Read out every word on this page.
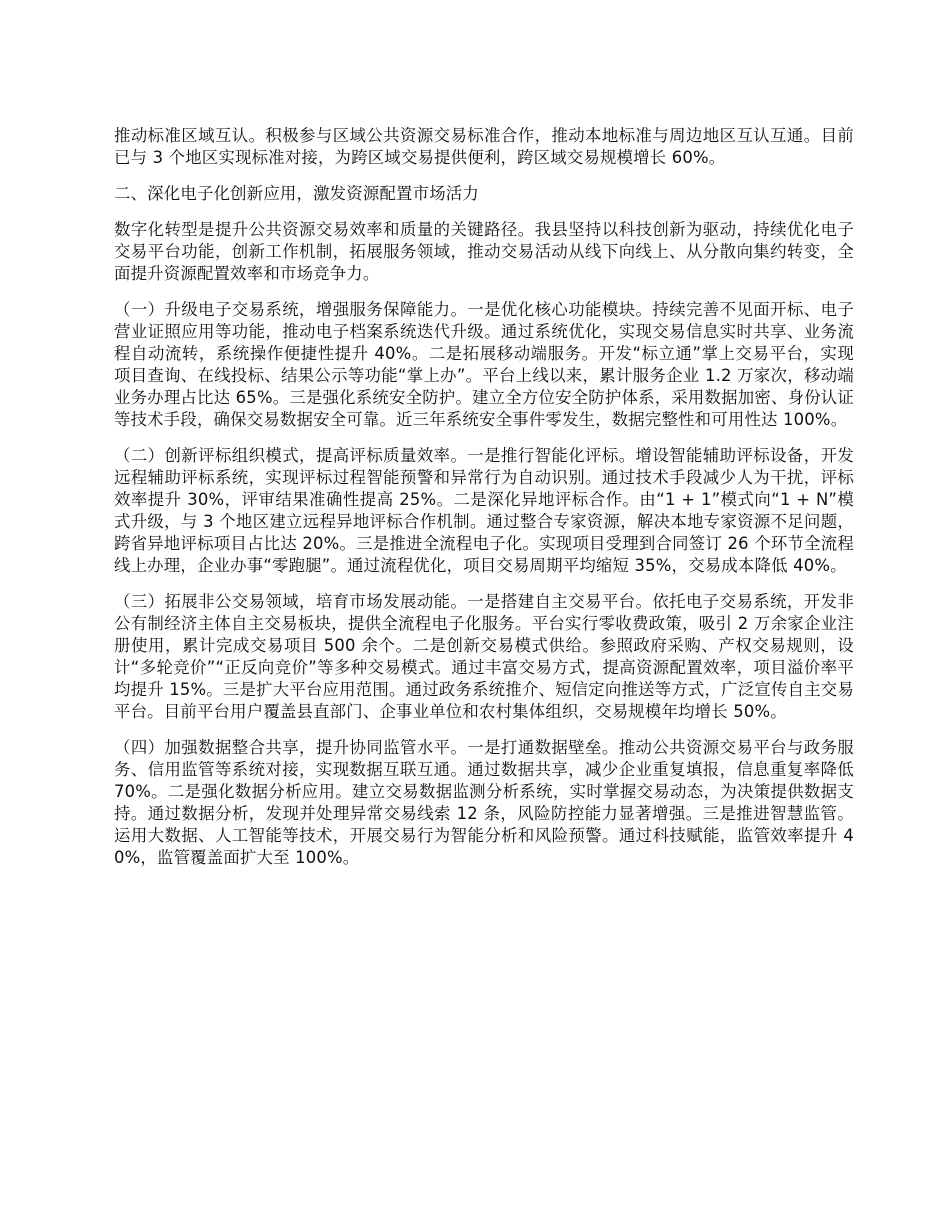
推动标准区域互认。积极参与区域公共资源交易标准合作，推动本地标准与周边地区互认互通。目前已与 3 个地区实现标准对接，为跨区域交易提供便利，跨区域交易规模增长 60%。

二、深化电子化创新应用，激发资源配置市场活力

数字化转型是提升公共资源交易效率和质量的关键路径。我县坚持以科技创新为驱动，持续优化电子交易平台功能，创新工作机制，拓展服务领域，推动交易活动从线下向线上、从分散向集约转变，全面提升资源配置效率和市场竞争力。

（一）升级电子交易系统，增强服务保障能力。一是优化核心功能模块。持续完善不见面开标、电子营业证照应用等功能，推动电子档案系统迭代升级。通过系统优化，实现交易信息实时共享、业务流程自动流转，系统操作便捷性提升 40%。二是拓展移动端服务。开发“标立通”掌上交易平台，实现项目查询、在线投标、结果公示等功能“掌上办”。平台上线以来，累计服务企业 1.2 万家次，移动端业务办理占比达 65%。三是强化系统安全防护。建立全方位安全防护体系，采用数据加密、身份认证等技术手段，确保交易数据安全可靠。近三年系统安全事件零发生，数据完整性和可用性达 100%。

（二）创新评标组织模式，提高评标质量效率。一是推行智能化评标。增设智能辅助评标设备，开发远程辅助评标系统，实现评标过程智能预警和异常行为自动识别。通过技术手段减少人为干扰，评标效率提升 30%，评审结果准确性提高 25%。二是深化异地评标合作。由“1 + 1”模式向“1 + N”模式升级，与 3 个地区建立远程异地评标合作机制。通过整合专家资源，解决本地专家资源不足问题，跨省异地评标项目占比达 20%。三是推进全流程电子化。实现项目受理到合同签订 26 个环节全流程线上办理，企业办事“零跑腿”。通过流程优化，项目交易周期平均缩短 35%，交易成本降低 40%。

（三）拓展非公交易领域，培育市场发展动能。一是搭建自主交易平台。依托电子交易系统，开发非公有制经济主体自主交易板块，提供全流程电子化服务。平台实行零收费政策，吸引 2 万余家企业注册使用，累计完成交易项目 500 余个。二是创新交易模式供给。参照政府采购、产权交易规则，设计“多轮竞价”“正反向竞价”等多种交易模式。通过丰富交易方式，提高资源配置效率，项目溢价率平均提升 15%。三是扩大平台应用范围。通过政务系统推介、短信定向推送等方式，广泛宣传自主交易平台。目前平台用户覆盖县直部门、企事业单位和农村集体组织，交易规模年均增长 50%。

（四）加强数据整合共享，提升协同监管水平。一是打通数据壁垒。推动公共资源交易平台与政务服务、信用监管等系统对接，实现数据互联互通。通过数据共享，减少企业重复填报，信息重复率降低 70%。二是强化数据分析应用。建立交易数据监测分析系统，实时掌握交易动态，为决策提供数据支持。通过数据分析，发现并处理异常交易线索 12 条，风险防控能力显著增强。三是推进智慧监管。运用大数据、人工智能等技术，开展交易行为智能分析和风险预警。通过科技赋能，监管效率提升 40%，监管覆盖面扩大至 100%。
